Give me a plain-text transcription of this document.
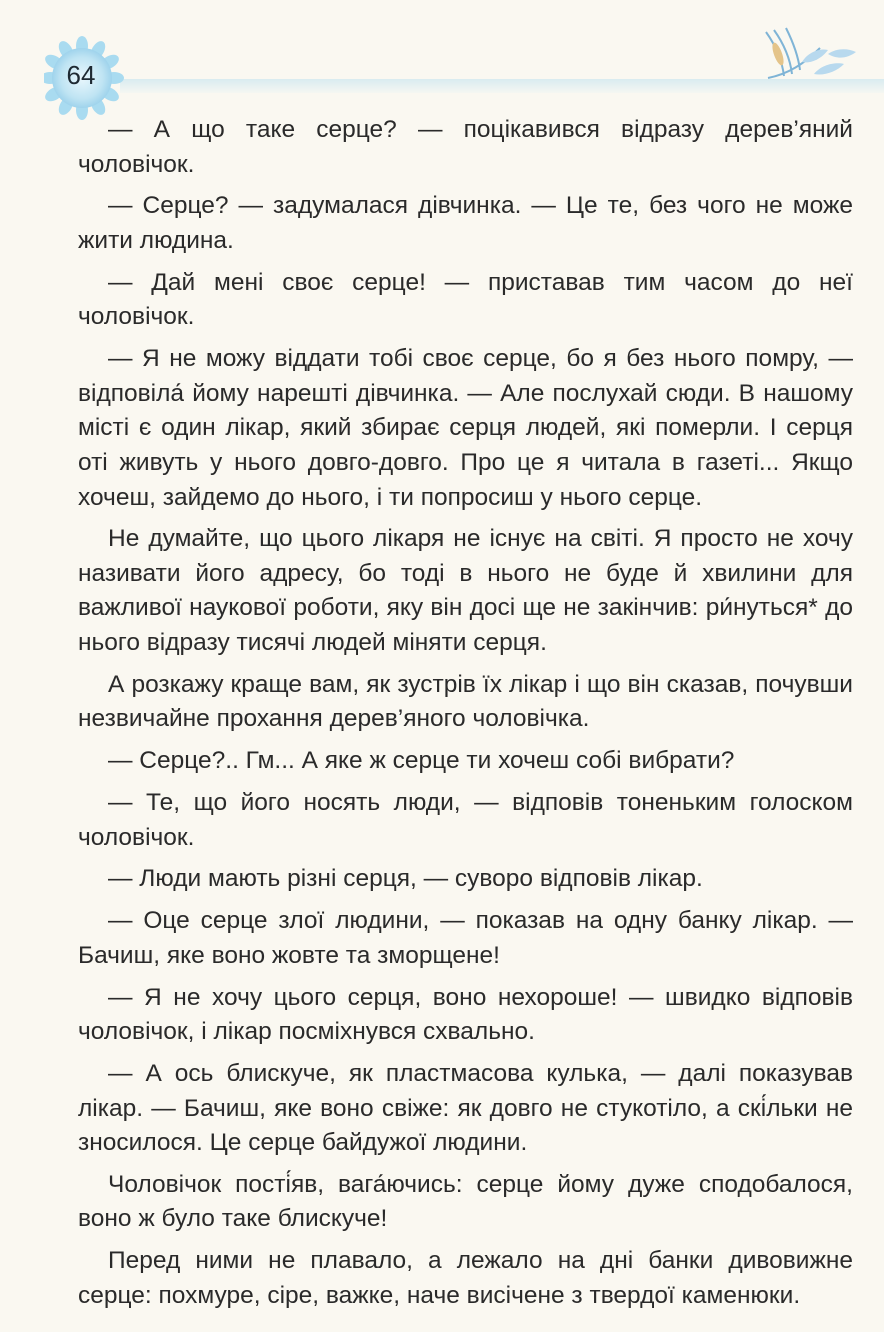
64

— А що таке серце? — поцікавився відразу дерев’яний чоловічок.

— Серце? — задумалася дівчинка. — Це те, без чого не може жити людина.

— Дай мені своє серце! — приставав тим часом до неї чоловічок.

— Я не можу віддати тобі своє серце, бо я без нього помру, — відповіла́ йому нарешті дівчинка. — Але послухай сюди. В нашому місті є один лікар, який збирає серця людей, які померли. І серця оті живуть у нього довго-довго. Про це я читала в газеті... Якщо хочеш, зайдемо до нього, і ти попросиш у нього серце.

Не думайте, що цього лікаря не існує на світі. Я просто не хочу називати його адресу, бо тоді в нього не буде й хвилини для важливої наукової роботи, яку він досі ще не закінчив: ри́нуться* до нього відразу тисячі людей міняти серця.

А розкажу краще вам, як зустрів їх лікар і що він сказав, почувши незвичайне прохання дерев’яного чоловічка.

— Серце?.. Гм... А яке ж серце ти хочеш собі вибрати?

— Те, що його носять люди, — відповів тоненьким голоском чоловічок.

— Люди мають різні серця, — суворо відповів лікар.

— Оце серце злої людини, — показав на одну банку лікар. — Бачиш, яке воно жовте та зморщене!

— Я не хочу цього серця, воно нехороше! — швидко відповів чоловічок, і лікар посміхнувся схвально.

— А ось блискуче, як пластмасова кулька, — далі показував лікар. — Бачиш, яке воно свіже: як довго не стукотіло, а скі́льки не зносилося. Це серце байдужої людини.

Чоловічок пості́яв, вага́ючись: серце йому дуже сподобалося, воно ж було таке блискуче!

Перед ними не плавало, а лежало на дні банки дивовижне серце: похмуре, сіре, важке, наче висічене з твердої каменюки.
